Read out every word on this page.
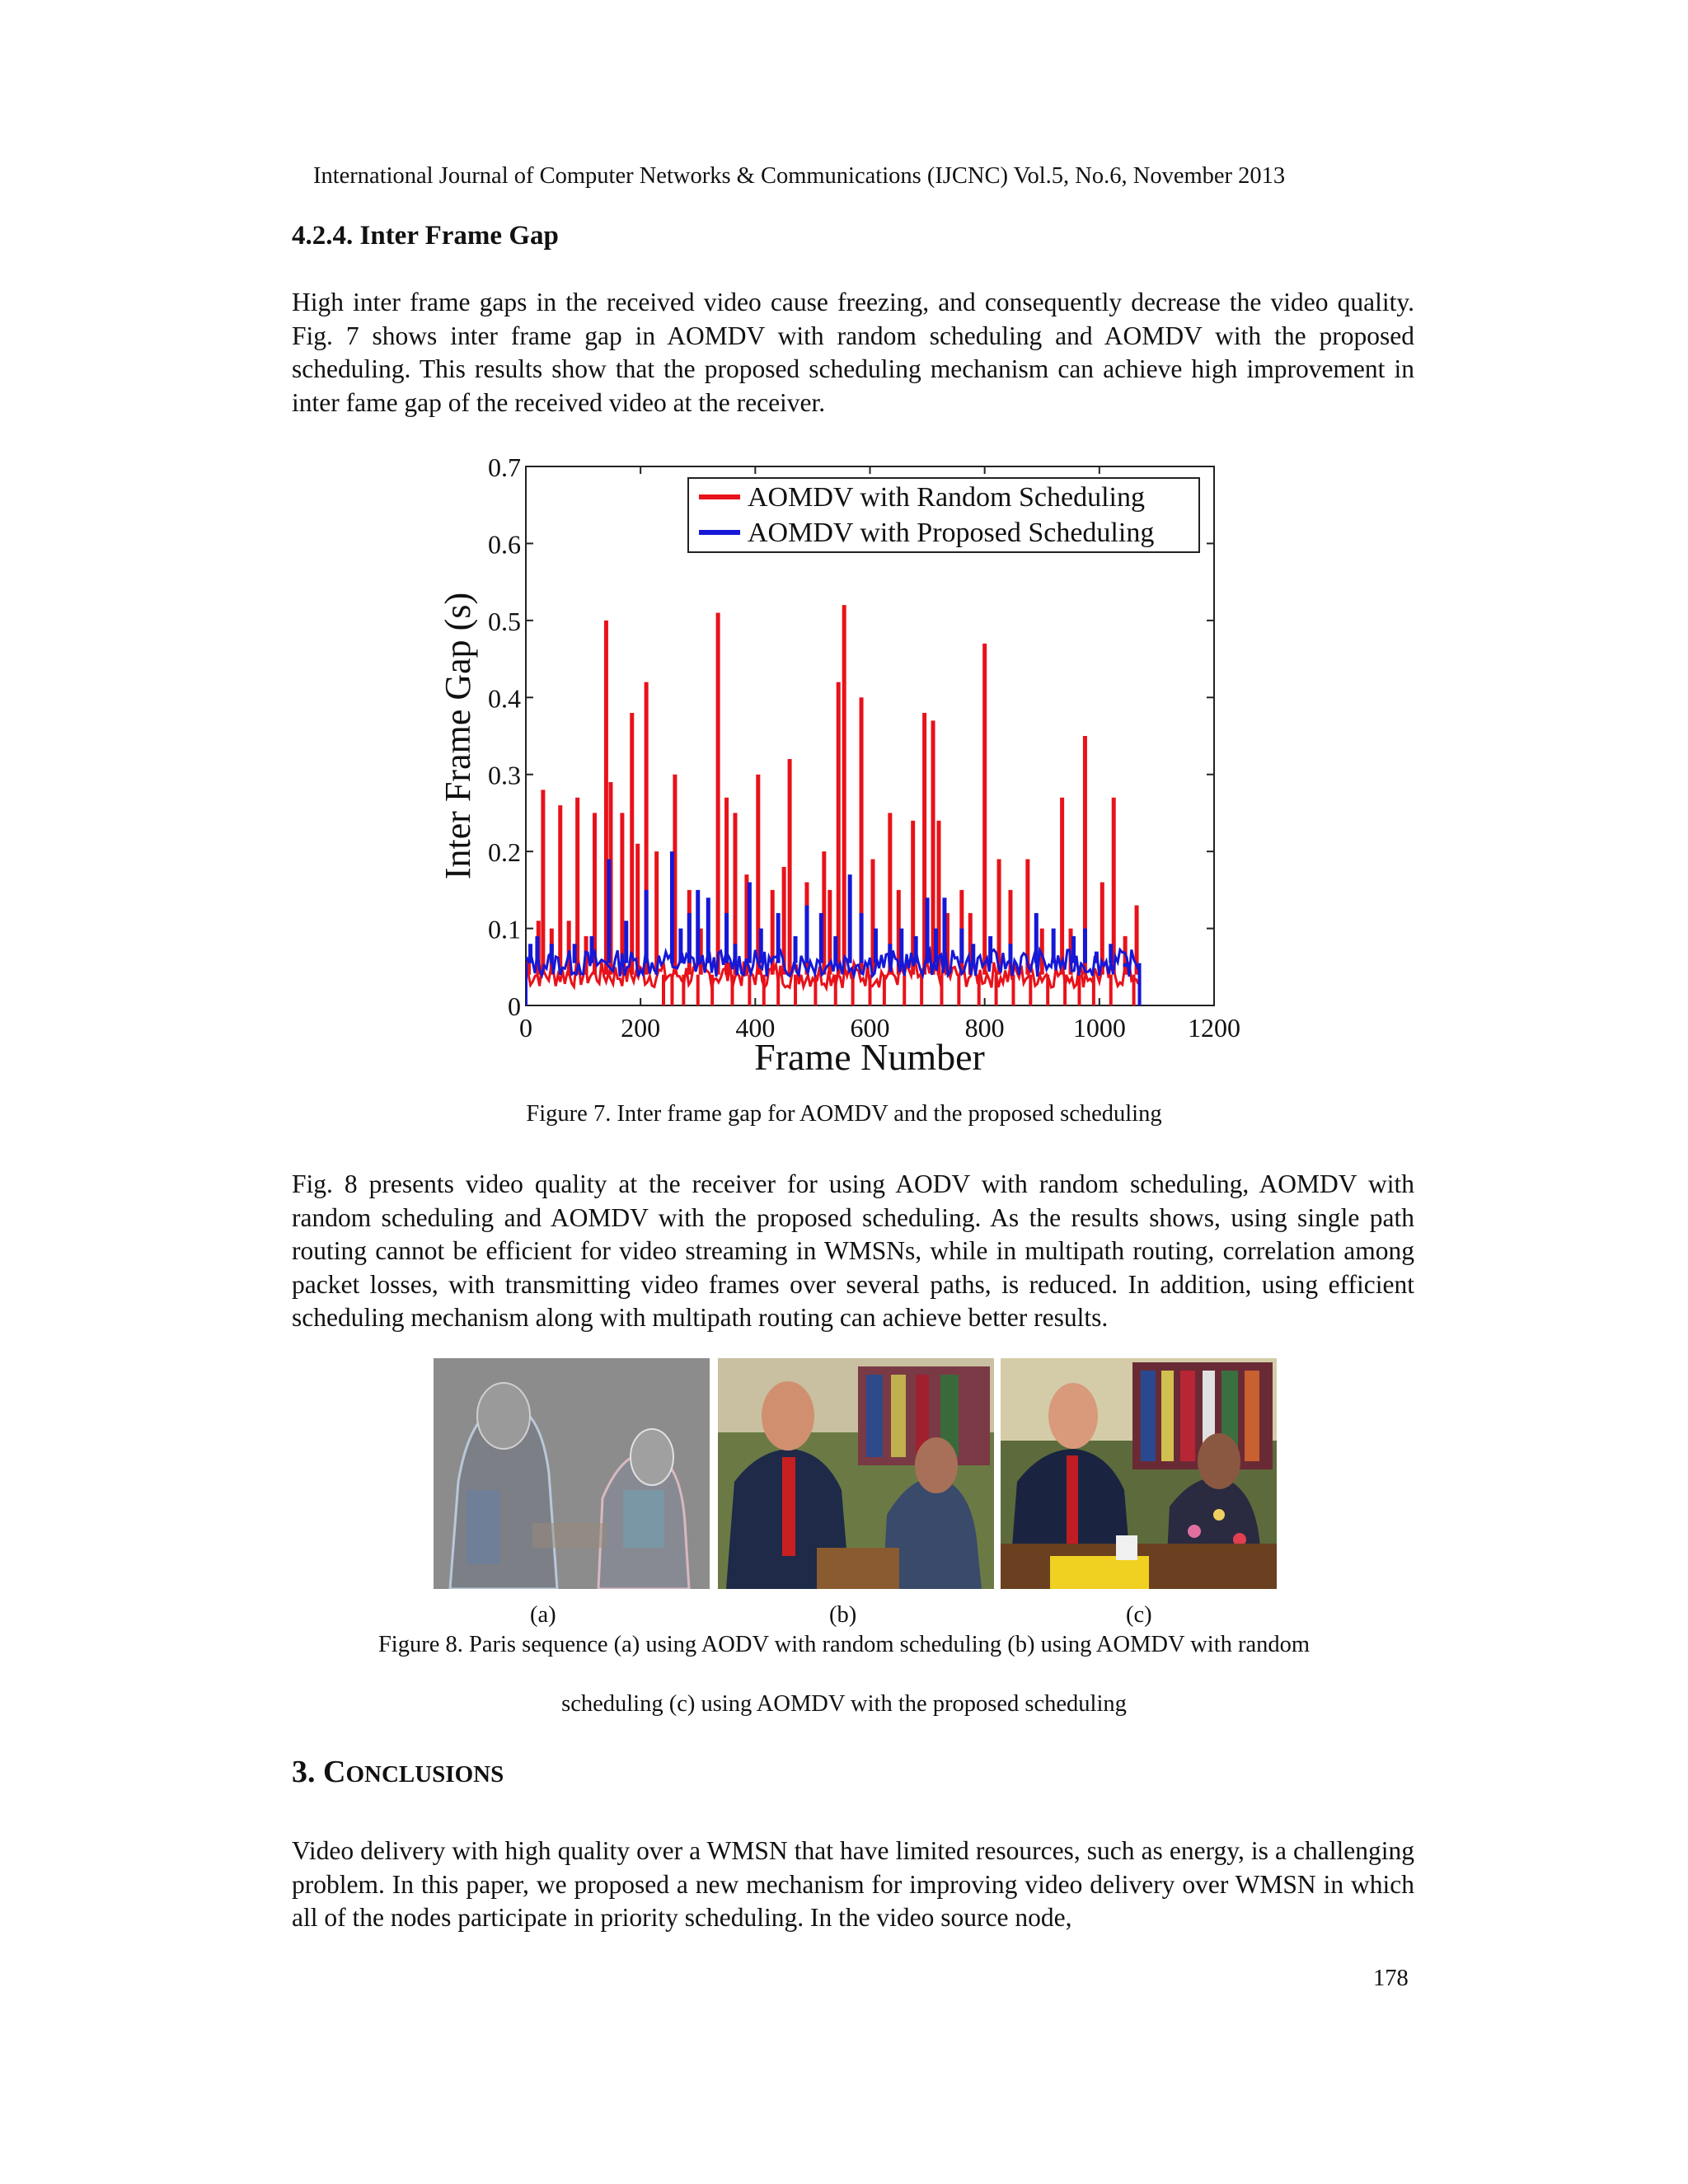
International Journal of Computer Networks & Communications (IJCNC) Vol.5, No.6, November 2013
4.2.4. Inter Frame Gap
High inter frame gaps in the received video cause freezing, and consequently decrease the video quality. Fig. 7 shows inter frame gap in AOMDV with random scheduling and AOMDV with the proposed scheduling. This results show that the proposed scheduling mechanism can achieve high improvement in inter fame gap of the received video at the receiver.
0	200	400	600	800	1000 1200
0
0.1
0.2
0.3
0.4
0.5
0.6
0.7
Frame Number
Inter Frame Gap (s)
AOMDV with Random Scheduling
AOMDV with Proposed Scheduling
Figure 7. Inter frame gap for AOMDV and the proposed scheduling
Fig. 8 presents video quality at the receiver for using AODV with random scheduling, AOMDV with random scheduling and AOMDV with the proposed scheduling. As the results shows, using single path routing cannot be efficient for video streaming in WMSNs, while in multipath routing, correlation among packet losses, with transmitting video frames over several paths, is reduced. In addition, using efficient scheduling mechanism along with multipath routing can achieve better results.
(a)	(b)	(c)
Figure 8. Paris sequence (a) using AODV with random scheduling (b) using AOMDV with random
scheduling (c) using AOMDV with the proposed scheduling
3. CONCLUSIONS
Video delivery with high quality over a WMSN that have limited resources, such as energy, is a challenging problem. In this paper, we proposed a new mechanism for improving video delivery over WMSN in which all of the nodes participate in priority scheduling. In the video source node,
178
